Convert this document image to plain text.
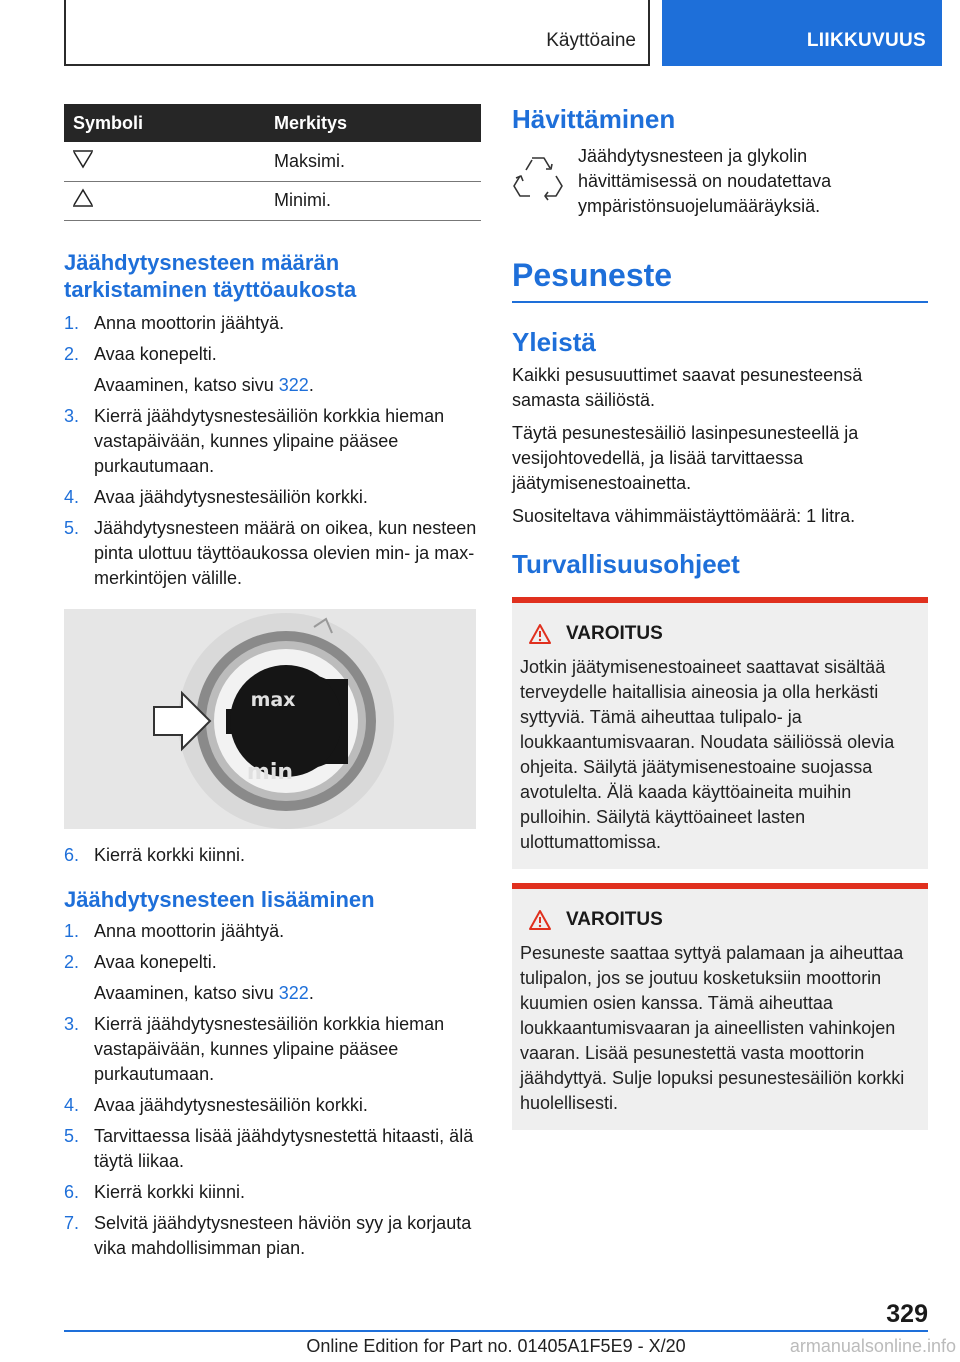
Käyttöaine	LIIKKUVUUS
Symboli	Merkitys
	Maksimi.
	Minimi.
Jäähdytysnesteen määrän tarkistaminen täyttöaukosta
1. Anna moottorin jäähtyä.
2. Avaa konepelti.
Avaaminen, katso sivu 322.
3. Kierrä jäähdytysnestesäiliön korkkia hieman vastapäivään, kunnes ylipaine pääsee purkautumaan.
4. Avaa jäähdytysnestesäiliön korkki.
5. Jäähdytysnesteen määrä on oikea, kun nesteen pinta ulottuu täyttöaukossa olevien min- ja max-merkintöjen välille.
max
min
6. Kierrä korkki kiinni.
Jäähdytysnesteen lisääminen
1. Anna moottorin jäähtyä.
2. Avaa konepelti.
Avaaminen, katso sivu 322.
3. Kierrä jäähdytysnestesäiliön korkkia hieman vastapäivään, kunnes ylipaine pääsee purkautumaan.
4. Avaa jäähdytysnestesäiliön korkki.
5. Tarvittaessa lisää jäähdytysnestettä hitaasti, älä täytä liikaa.
6. Kierrä korkki kiinni.
7. Selvitä jäähdytysnesteen häviön syy ja korjauta vika mahdollisimman pian.
Hävittäminen

Jäähdytysnesteen ja glykolin hävittämisessä on noudatettava ympäristönsuojelumääräyksiä.

Pesuneste
Yleistä

Kaikki pesusuuttimet saavat pesunesteensä samasta säiliöstä.

Täytä pesunestesäiliö lasinpesunesteellä ja vesijohtovedellä, ja lisää tarvittaessa jäätymisenestoainetta.

Suositeltava vähimmäistäyttömäärä: 1 litra.

Turvallisuusohjeet
VAROITUS

Jotkin jäätymisenestoaineet saattavat sisältää terveydelle haitallisia aineosia ja olla herkästi syttyviä. Tämä aiheuttaa tulipalo- ja loukkaantumisvaaran. Noudata säiliössä olevia ohjeita. Säilytä jäätymisenestoaine suojassa avotulelta. Älä kaada käyttöaineita muihin pulloihin. Säilytä käyttöaineet lasten ulottumattomissa.

VAROITUS

Pesuneste saattaa syttyä palamaan ja aiheuttaa tulipalon, jos se joutuu kosketuksiin moottorin kuumien osien kanssa. Tämä aiheuttaa loukkaantumisvaaran ja aineellisten vahinkojen vaaran. Lisää pesunestettä vasta moottorin jäähdyttyä. Sulje lopuksi pesunestesäiliön korkki huolellisesti.

329
Online Edition for Part no. 01405A1F5E9 - X/20	armanualsonline.info
